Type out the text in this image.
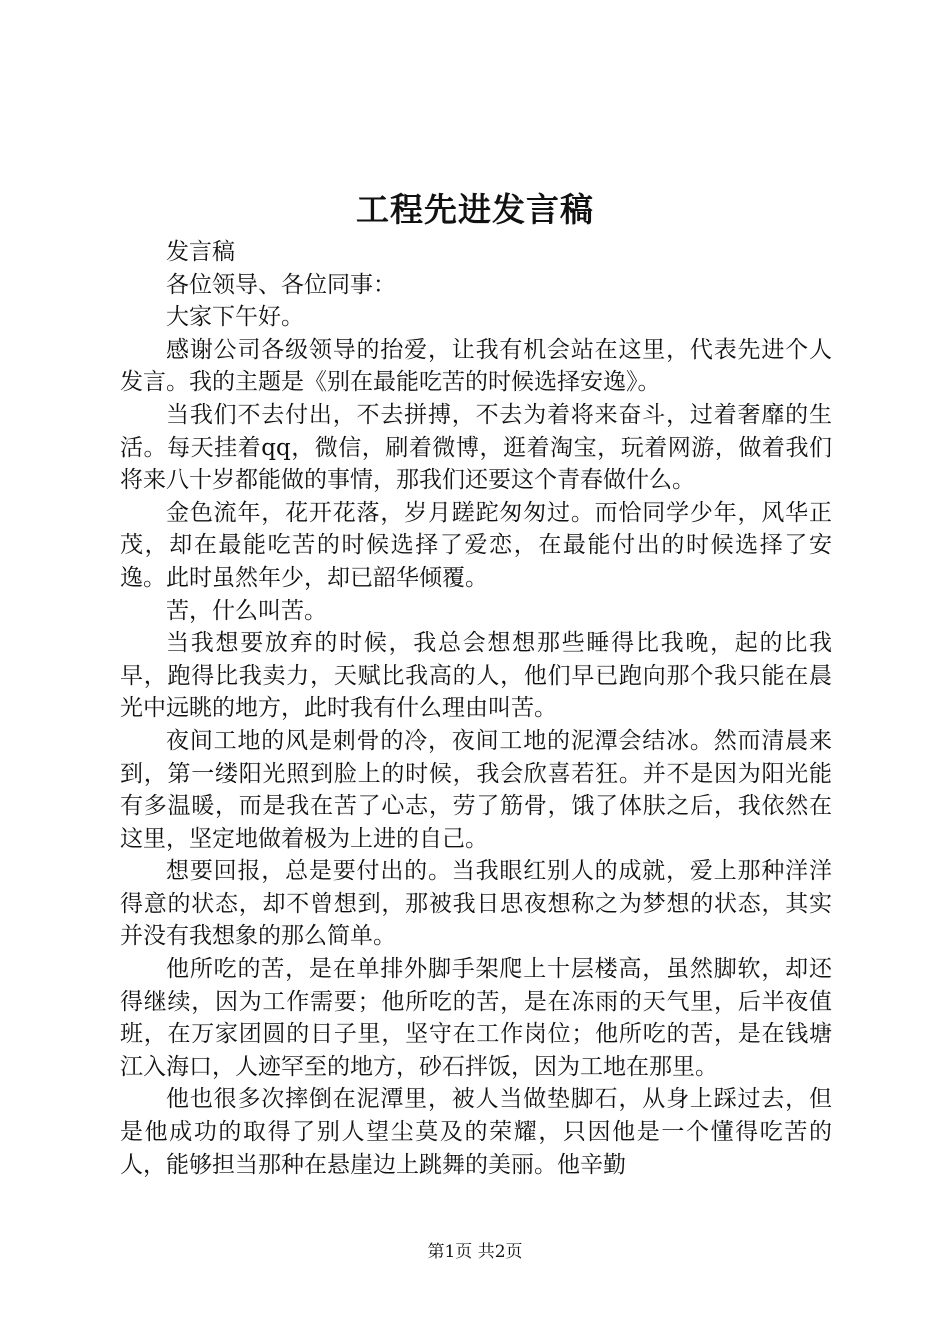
工程先进发言稿

发言稿

各位领导、各位同事：

大家下午好。

感谢公司各级领导的抬爱，让我有机会站在这里，代表先进个人发言。我的主题是《别在最能吃苦的时候选择安逸》。

当我们不去付出，不去拼搏，不去为着将来奋斗，过着奢靡的生活。每天挂着qq，微信，刷着微博，逛着淘宝，玩着网游，做着我们将来八十岁都能做的事情，那我们还要这个青春做什么。

金色流年，花开花落，岁月蹉跎匆匆过。而恰同学少年，风华正茂，却在最能吃苦的时候选择了爱恋，在最能付出的时候选择了安逸。此时虽然年少，却已韶华倾覆。

苦，什么叫苦。

当我想要放弃的时候，我总会想想那些睡得比我晚，起的比我早，跑得比我卖力，天赋比我高的人，他们早已跑向那个我只能在晨光中远眺的地方，此时我有什么理由叫苦。

夜间工地的风是刺骨的冷，夜间工地的泥潭会结冰。然而清晨来到，第一缕阳光照到脸上的时候，我会欣喜若狂。并不是因为阳光能有多温暖，而是我在苦了心志，劳了筋骨，饿了体肤之后，我依然在这里，坚定地做着极为上进的自己。

想要回报，总是要付出的。当我眼红别人的成就，爱上那种洋洋得意的状态，却不曾想到，那被我日思夜想称之为梦想的状态，其实并没有我想象的那么简单。

他所吃的苦，是在单排外脚手架爬上十层楼高，虽然脚软，却还得继续，因为工作需要；他所吃的苦，是在冻雨的天气里，后半夜值班，在万家团圆的日子里，坚守在工作岗位；他所吃的苦，是在钱塘江入海口，人迹罕至的地方，砂石拌饭，因为工地在那里。

他也很多次摔倒在泥潭里，被人当做垫脚石，从身上踩过去，但是他成功的取得了别人望尘莫及的荣耀，只因他是一个懂得吃苦的人，能够担当那种在悬崖边上跳舞的美丽。他辛勤

第1页 共2页
